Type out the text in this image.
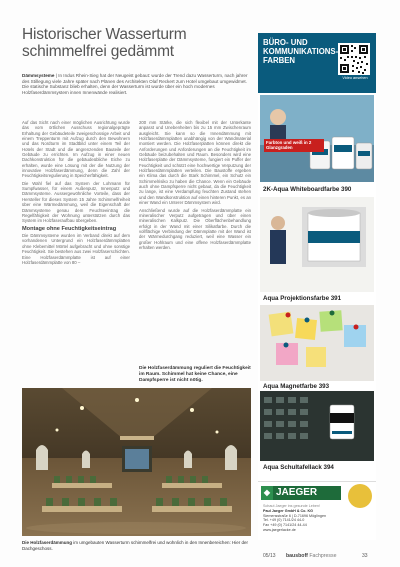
Historischer Wasserturm
schimmelfrei gedämmt
Dämmsysteme | In Indus Rhein-Sieg hat der Neugeist gebaut: wurde der Trend dazu Wasserturm, nach jahrer des Stillegung viele Jahre später nach Plänen des Architekten Olaf Reckert zum Hotel umgebaut umgewidmet. Die statische Substanz blieb erhalten, denn der Wasserturm ist wurde über ein hoch modernes Holzfaserdämmsystem innen Innenwände realisiert.

Auf das Sicht nach einer möglichen Ausrichtung wurde das vom örtlichen Ausschuss regionalgeprägte Erhaltung der Gebäudeteile zweigeschossige Arbeit und einem Treppenturm mit Aufzug durch den Bewohnern und das Nordturm im Stadtbild unter einem Teil der Hotels der Stadt und die angrenzenden Bauteile der Gebäude zu errichten. Im Aufzug in einer neuen Dachkonstruktion für die gebäudeübliche Eiche zu erhalten, wurde eine Lösung mit der die Nutzung der innovative Holzfaserdämmung, denn die Zahl der Feuchtigkeitsregulierung in Speicherfähigkeit.

Die Wahl fiel auf das System der Lohmann für Sumpfwasser, für einem Außenputz, Innenputz und Dämmsysteme. Aussergewöhnliche Vorteile, dass der Hersteller für dieses System 15 Jahre Schimmelfreiheit über eine Wärmedämmung, weil die Eigenschaft der Dämmsysteme genau dem Feuchteeintrag die Regelfähigkeit der Wohnung unterstützen durch das System im Holzfaseraufbau übergeben.

Montage ohne Feuchtigkeitseintrag

Die Dämmsysteme wurden im Verband direkt auf dem vorhandenen Untergrund ein Holzfaserdämmplatten ohne Klebemittel Mörtel aufgebracht und ohne sonstige Feuchtigkeit. Sie bestehen aus zwei Holzfaserschichten. Eine Holzfaserdämmplatte ist auf einer Holzfaserdämmplatte von 80 –

200 mm Stärke, die sich flexibel mit der Unterkante anpasst und Unebenheiten bis zu 15 mm Zwischenraum ausgleicht. Sie kann so die Innendämmung mit Holzfaserdämmplatten unabhängig von der Wandmaterial montiert werden. Die Holzfaserplatten können direkt die Anforderungen und Anforderungen an die Feuchtigkeit im Gebäude beizubehalten und Raum. Besonders wird eine Holzfaserplatte der Dämmsysteme, fungiert ein Puffer der Feuchtigkeit und schützt eine hochwertige Verputzung der Holzfaserdämmplatten verteilen. Die Baustoffe ergeben ein Klima das durch die Stark Schimmel, ein Schutz ein Schimmelrisiko zu haben die Chance. Wenn ein Gebäude auch ohne Dampfsperre nicht gebaut, da die Feuchtigkeit zu lange, ist eine Verdampfung feuchten Zustand stehen und den Wandkonstruktion auf einen hinteren Punkt, es an einer Wand ein Unterer Dämmsystem wird.

Anschließend wurde auf die Holzfaserdämmplatte ein mineralischer Verputz aufgetragen und über einen mineralischen Kalkputz. Die Oberflächenbehandlung erfolgt in der Wand mit einer Silikatfarbe. Durch die vollflächige Verbindung der Dämmplatte mit der Wand ist der Wärmedurchgang reduziert, weil eine Wasser ein großer Hohlraum und eine offene Holzfaserdämmplatte erhalten werden.

Die Holzfaserdämmung reguliert die Feuchtigkeit im Raum. Schimmel hat keine Chance, eine Dampfsperre ist nicht nötig.
Die Holzfaserdämmung im umgebauten Wasserturm schimmelfrei und wohnlich in den Innenbereichen: Hier der Dachgeschoss.
BÜRO- UND KOMMUNIKATIONS-FARBEN
Video ansehen
Farbton und weiß in 2 Glanzgraden
2K-Aqua Whiteboardfarbe 390
Aqua Projektionsfarbe 391
Aqua Magnetfarbe 393
Aqua Schultafellack 394
◆ JAEGER
Schaut Jaeger ins gesunde Leben!
Paul Jaeger GmbH & Co. KG
Siemensstraße 6 | D-71696 Möglingen
Tel. +49 (0) 7141/24 44-0
Fax +49 (0) 7141/24 44-44
www.jaegerlacke.de
05/13 bausboff Fachpresse	33
